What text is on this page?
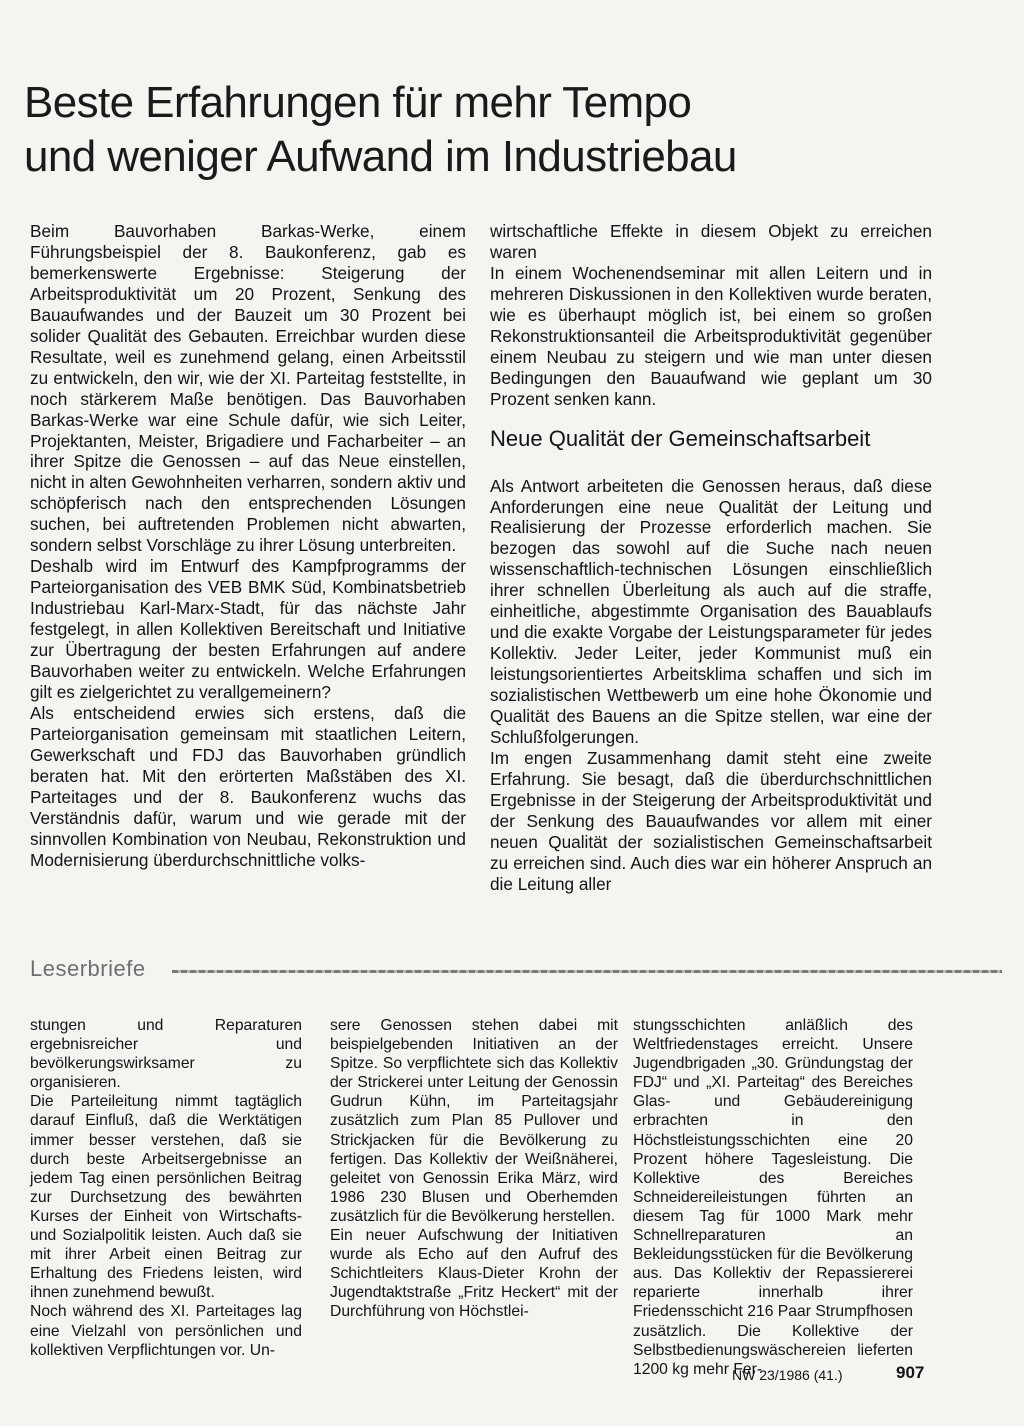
Beste Erfahrungen für mehr Tempo
und weniger Aufwand im Industriebau

Beim Bauvorhaben Barkas-Werke, einem Führungsbeispiel der 8. Baukonferenz, gab es bemerkenswerte Ergebnisse: Steigerung der Arbeitsproduktivität um 20 Prozent, Senkung des Bauaufwandes und der Bauzeit um 30 Prozent bei solider Qualität des Gebauten. Erreichbar wurden diese Resultate, weil es zunehmend gelang, einen Arbeitsstil zu entwickeln, den wir, wie der XI. Parteitag feststellte, in noch stärkerem Maße benötigen. Das Bauvorhaben Barkas-Werke war eine Schule dafür, wie sich Leiter, Projektanten, Meister, Brigadiere und Facharbeiter – an ihrer Spitze die Genossen – auf das Neue einstellen, nicht in alten Gewohnheiten verharren, sondern aktiv und schöpferisch nach den entsprechenden Lösungen suchen, bei auftretenden Problemen nicht abwarten, sondern selbst Vorschläge zu ihrer Lösung unterbreiten.

Deshalb wird im Entwurf des Kampfprogramms der Parteiorganisation des VEB BMK Süd, Kombinatsbetrieb Industriebau Karl-Marx-Stadt, für das nächste Jahr festgelegt, in allen Kollektiven Bereitschaft und Initiative zur Übertragung der besten Erfahrungen auf andere Bauvorhaben weiter zu entwickeln. Welche Erfahrungen gilt es zielgerichtet zu verallgemeinern?

Als entscheidend erwies sich erstens, daß die Parteiorganisation gemeinsam mit staatlichen Leitern, Gewerkschaft und FDJ das Bauvorhaben gründlich beraten hat. Mit den erörterten Maßstäben des XI. Parteitages und der 8. Baukonferenz wuchs das Verständnis dafür, warum und wie gerade mit der sinnvollen Kombination von Neubau, Rekonstruktion und Modernisierung überdurchschnittliche volks-

wirtschaftliche Effekte in diesem Objekt zu erreichen waren

In einem Wochenendseminar mit allen Leitern und in mehreren Diskussionen in den Kollektiven wurde beraten, wie es überhaupt möglich ist, bei einem so großen Rekonstruktionsanteil die Arbeitsproduktivität gegenüber einem Neubau zu steigern und wie man unter diesen Bedingungen den Bauaufwand wie geplant um 30 Prozent senken kann.

Neue Qualität der Gemeinschaftsarbeit

Als Antwort arbeiteten die Genossen heraus, daß diese Anforderungen eine neue Qualität der Leitung und Realisierung der Prozesse erforderlich machen. Sie bezogen das sowohl auf die Suche nach neuen wissenschaftlich-technischen Lösungen einschließlich ihrer schnellen Überleitung als auch auf die straffe, einheitliche, abgestimmte Organisation des Bauablaufs und die exakte Vorgabe der Leistungsparameter für jedes Kollektiv. Jeder Leiter, jeder Kommunist muß ein leistungsorientiertes Arbeitsklima schaffen und sich im sozialistischen Wettbewerb um eine hohe Ökonomie und Qualität des Bauens an die Spitze stellen, war eine der Schlußfolgerungen.

Im engen Zusammenhang damit steht eine zweite Erfahrung. Sie besagt, daß die überdurchschnittlichen Ergebnisse in der Steigerung der Arbeitsproduktivität und der Senkung des Bauaufwandes vor allem mit einer neuen Qualität der sozialistischen Gemeinschaftsarbeit zu erreichen sind. Auch dies war ein höherer Anspruch an die Leitung aller

Leserbriefe

stungen und Reparaturen ergebnisreicher und bevölkerungswirksamer zu organisieren.

Die Parteileitung nimmt tagtäglich darauf Einfluß, daß die Werktätigen immer besser verstehen, daß sie durch beste Arbeitsergebnisse an jedem Tag einen persönlichen Beitrag zur Durchsetzung des bewährten Kurses der Einheit von Wirtschafts- und Sozialpolitik leisten. Auch daß sie mit ihrer Arbeit einen Beitrag zur Erhaltung des Friedens leisten, wird ihnen zunehmend bewußt.

Noch während des XI. Parteitages lag eine Vielzahl von persönlichen und kollektiven Verpflichtungen vor. Un-

sere Genossen stehen dabei mit beispielgebenden Initiativen an der Spitze. So verpflichtete sich das Kollektiv der Strickerei unter Leitung der Genossin Gudrun Kühn, im Parteitagsjahr zusätzlich zum Plan 85 Pullover und Strickjacken für die Bevölkerung zu fertigen. Das Kollektiv der Weißnäherei, geleitet von Genossin Erika März, wird 1986 230 Blusen und Oberhemden zusätzlich für die Bevölkerung herstellen.

Ein neuer Aufschwung der Initiativen wurde als Echo auf den Aufruf des Schichtleiters Klaus-Dieter Krohn der Jugendtaktstraße „Fritz Heckert“ mit der Durchführung von Höchstlei-

stungsschichten anläßlich des Weltfriedenstages erreicht. Unsere Jugendbrigaden „30. Gründungstag der FDJ“ und „XI. Parteitag“ des Bereiches Glas- und Gebäudereinigung erbrachten in den Höchstleistungsschichten eine 20 Prozent höhere Tagesleistung. Die Kollektive des Bereiches Schneidereileistungen führten an diesem Tag für 1000 Mark mehr Schnellreparaturen an Bekleidungsstücken für die Bevölkerung aus. Das Kollektiv der Repassiererei reparierte innerhalb ihrer Friedensschicht 216 Paar Strumpfhosen zusätzlich. Die Kollektive der Selbstbedienungswäschereien lieferten 1200 kg mehr Fer-

NW 23/1986 (41.)	907
